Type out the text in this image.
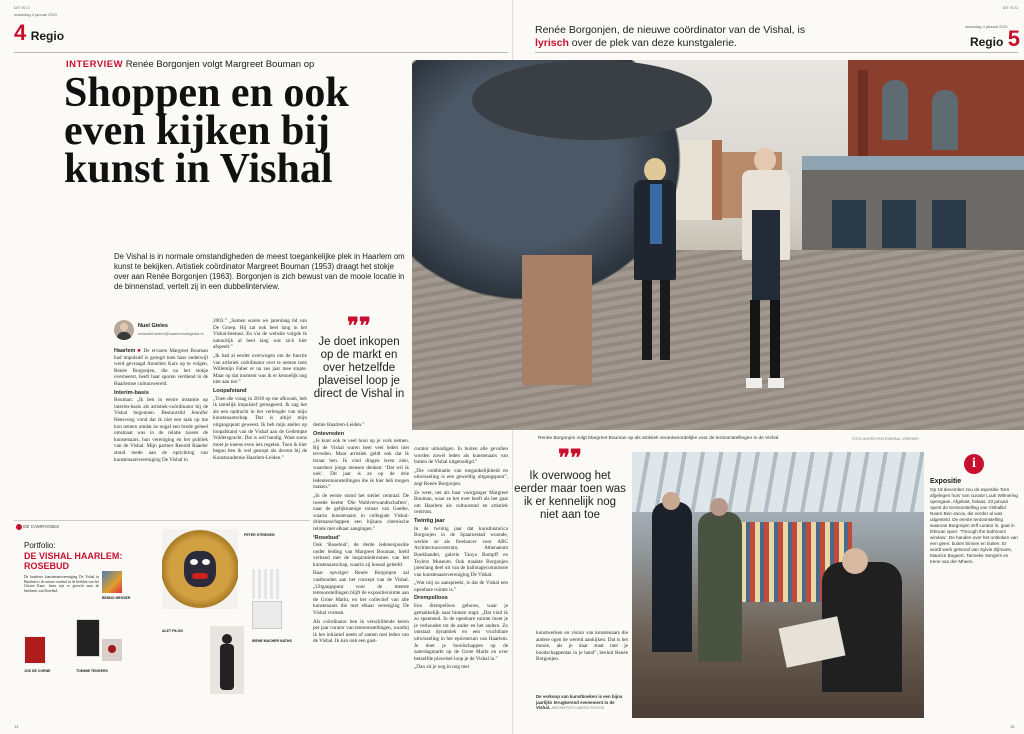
DIT IS IJ
maandag 4 januari 2021
4 Regio
INTERVIEW Renée Borgonjen volgt Margreet Bouman op
Shoppen en ook even kijken bij kunst in Vishal
De Vishal is in normale omstandigheden de meest toegankelijke plek in Haarlem om kunst te bekijken. Artistiek coördinator Margreet Bouman (1953) draagt het stokje over aan Renée Borgonjen (1963). Borgonjen is zich bewust van de mooie locatie in de binnenstad, vertelt zij in een dubbelinterview.
Nuel Gieles
redactieharlem@haarlemsdagblad.nl

Haarlem ■ De ervaren Margreet Bouman had impulsief is gezegd toen haar onderwijl werd gevraagd Annelien Kars op te volgen. Renée Borgonjen, die na het stokje overneemt, heeft haar sporen verdiend in de Haarlemse cultuurwereld.

Interim-basis

Bouman: „Ik ben in eerste instantie op interim-basis als artistiek-coördinator bij de Vishal begonnen. Bestuurslid Jennifer Heesvoog vond dat ik niet een taak op me kon nemen omdat ze nogal een brede geheel omsmaat was in de relatie tussen de kunstenaars, hun vereniging en het publiek van de Vishal. Mijn partner Renold Raaeler stond mede aan de oprichting van kunstenaarsvereniging De Vishal in

2003.” „Samen waren we jarenlang lid van De Groep. Hij zat ook heel lang in het Vishal-bestuur. En via de website volgde ik natuurlijk al heel lang wat zich hier afspeelt.”

„Ik had al eerder overwogen om de functie van artistiek coördinator over te nemen toen Willemijn Faber er na zes jaar mee stopte. Maar op dat moment was ik er kennelijk nog niet aan toe.”

Loopafstand

„Toen die vraag in 2018 op me afkwam, heb ik tamelijk impulsief gereageerd. Ik zag het als een opdracht in het verlengde van mijn kunstenaarschap. Dat is altijd mijn uitgangspunt geweest. Ik heb mijn atelier op loopafstand van de Vishal aan de Gedempte Voldersgracht. Dat is wel handig. Want soms moet je ineens even iets regelen. Toen ik hier begon ben ik wel gestopt als docent bij de Kunstacademie Haarlem-Leiden.”

❞❞
Je doet inkopen op de markt en over hetzelfde plaveisel loop je direct de Vishal in

demie Haarlem-Leiden.”

Ontevreden

„Je kunt ook te veel hooi op je vork nemen. Bij de Vishal waren heel veel leden niet tevreden. Maar artistiek geldt ook dat ik leraar ben. Ik vind dingen leren zien, waardoor jonge mensen denken: ‘Dat wil ik ook’. Dit jaar is ze op de drie ledententoonstellingen die ik hier heb mogen maken.”

„In de eerste stond het steiler centraal. De tweede heette ‘Die Wahlverwandtschaften’, naar de gelijknamige roman van Goethe, waarin kunstenaars in collegiale Vishal-driemanschappen een bijkans chemische relatie met elkaar aangingen.”

‘Rosebud’

Ook ‘Rosebud’, de derde ledenexpositie onder leiding van Margreet Bouman, hield verband met de inspiratiebronnen van het kunstenaarschap, waarin zij hoeaal geleefd.

Haar opvolger Renée Borgonjen zal vasthouden aan het concept van de Vishal. „Uitgangspunt voor de meeste tentoonstellingen blijft de expositieruimte aan de Grote Markt, en het collectief van alle kunstenaars die met elkaar vereniging De Vishal vormen.

Als coördinator ben ik verschillende keren per jaar curator van tentoonstellingen, waarbij ik het initiatief neem of samen met leden van de Vishal. Ik kan ook een gast-

DE CAMPAGNES
Portfolio:
DE VISHAL HAARLEM: ROSEBUD
De honderse kunstenaarsvereniging De Vishal in Haarlem is de ruimte rosebud in de beelden van het Citizen Kane. Jaren zijn er gezocht naar de betekenis van Rosebud.
BENNO MESSER
JOS DE CORNE	TOMMIE TENGERS
PETER STRIEGEN
ALET PILON
IRENE MACHER NATHS
14
DIT IS IJ
maandag 4 januari 2021
Regio 5
Renée Borgonjen, de nieuwe coördinator van de Vishal, is
lyrisch over de plek van deze kunstgalerie.
Renée Borgonjen volgt Margreet Bouman op als artistiek verantwoordelijke voor de tentoonstellingen in de Vishal.	FOTO UNITED PHOTOS/PAUL VREEKER

curator uitnodigen. In buiten alle gevallen worden zowel leden als kunstenaars van buiten de Vishal uitgenodigd.”

„Die combinatie van toegankelijkheid en uitwisseling is een geweldig uitgangspunt”, zegt Renée Borgonjen.

Ze weet, net als haar voorganger Margreet Bouman, waar ze het over heeft als het gaat om Haarlem als cultuurstad en artistiek centrum.

Twintig jaar

In de twintig jaar dat kunsthistorica Borgonjen in de Spaarnestad woonde, werkte ze als freelancer voor ABC Architectuurcentrum, Athenaeum Boekhandel, galerie Tanya Rumpff en Teylers Museum. Ook maakte Borgonjen jarenlang deel uit van de ballotagecommissie van kunstenaarsvereniging De Vishal.

„Wat mij zo aanspreekt, is dat de Vishal een openbare ruimte is.”

Drempelloos

Een drempelloos gebouw, waar je gemakkelijk naar binnen stapt. „Dat vind ik zo spannend. In de openbare ruimte moet je je verhouden tot de ander en het andere. Zo ontstaat dynamiek en een vruchtbare uitwisseling in het epicentrum van Haarlem. Je doet je boodschappen op de zaterdagmarkt op de Grote Markt en over hetzelfde plaveisel loop je de Vishal in.”

„Dan zit je oog in oog met

❞❞
Ik overwoog het eerder maar toen was ik er kennelijk nog niet aan toe

kunstwerken en vision van kunstenaars die andere ogen de wereld aankijken. Dat is het mooie, als je daar staat met je boodschappentas in je hand”, besluit Renée Borgonjen.

De verkoop van kunstboeken is een bijna jaarlijks terugkerend evenement in de Vishal. ARCHIEFFOTO UNITED PHOTOS
i
Expositie
Op 19 december zou de expositie ‘Een afgelegen huis’ van curator Luuk Wilmering opengaan. Afgelast, helaas. 23 januari opent de tentoonstelling van Vishallid Noam Ben-Jacov, die eerder al was uitgesteld. De eerste tentoonstelling waarvan Borgonjen zelf curator is, gaat in februari open: ‘Through the bathroom window’. De handen over het ontkoken van een geen: buiten binnen en buiten. Er wordt werk getoond van Sylvie Zijlmans, Maurice Bogaert, Tanneke Sengers en Irene van der Mheen.
15
